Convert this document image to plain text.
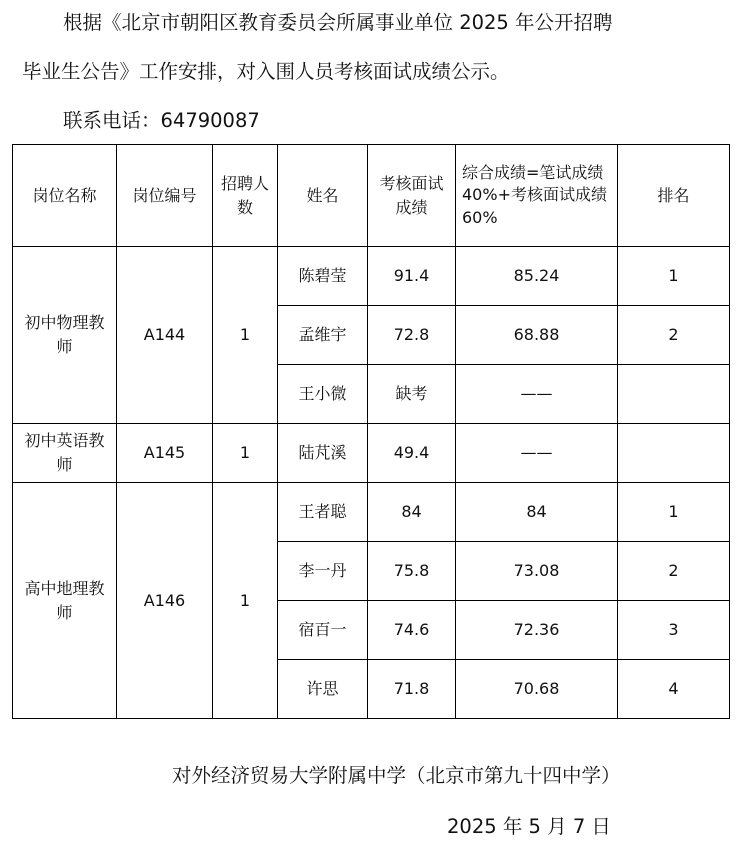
根据《北京市朝阳区教育委员会所属事业单位 2025 年公开招聘
毕业生公告》工作安排，对入围人员考核面试成绩公示。
联系电话：64790087
岗位名称	岗位编号	招聘人数	姓名	考核面试成绩	综合成绩=笔试成绩40%+考核面试成绩60%	排名
初中物理教师	A144	1	陈碧莹	91.4	85.24	1
			孟维宇	72.8	68.88	2
			王小微	缺考	——	
初中英语教师	A145	1	陆芃溪	49.4	——	
高中地理教师	A146	1	王者聪	84	84	1
			李一丹	75.8	73.08	2
			宿百一	74.6	72.36	3
			许思	71.8	70.68	4
对外经济贸易大学附属中学（北京市第九十四中学）
2025 年 5 月 7 日
